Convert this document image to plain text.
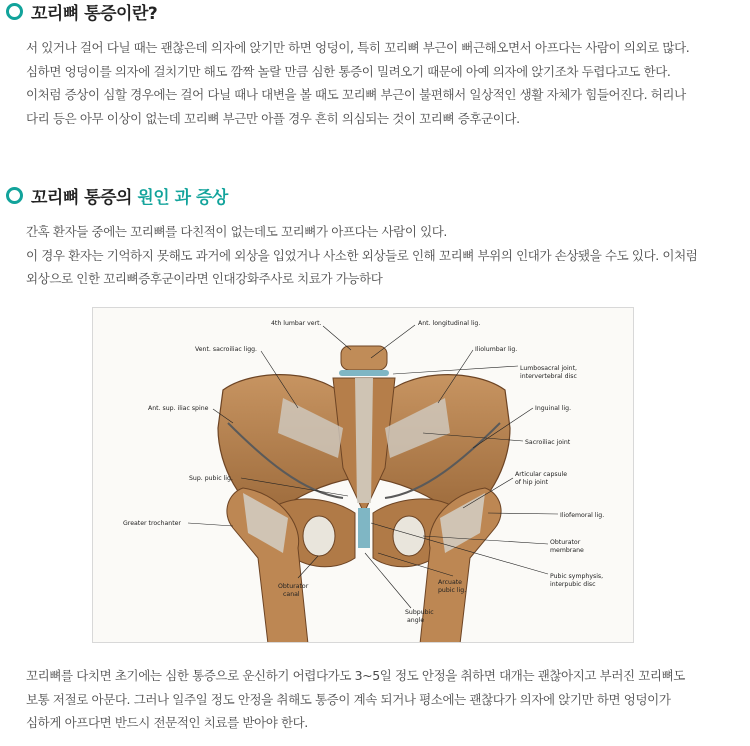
꼬리뼈 통증이란?

서 있거나 걸어 다닐 때는 괜찮은데 의자에 앉기만 하면 엉덩이, 특히 꼬리뼈 부근이 뻐근해오면서 아프다는 사람이 의외로 많다.

심하면 엉덩이를 의자에 걸치기만 해도 깜짝 놀랄 만큼 심한 통증이 밀려오기 때문에 아예 의자에 앉기조차 두렵다고도 한다.

이처럼 증상이 심할 경우에는 걸어 다닐 때나 대변을 볼 때도 꼬리뼈 부근이 불편해서 일상적인 생활 자체가 힘들어진다. 허리나

다리 등은 아무 이상이 없는데 꼬리뼈 부근만 아플 경우 흔히 의심되는 것이 꼬리뼈 증후군이다.

꼬리뼈 통증의 원인 과 증상

간혹 환자들 중에는 꼬리뼈를 다친적이 없는데도 꼬리뼈가 아프다는 사람이 있다.

이 경우 환자는 기억하지 못해도 과거에 외상을 입었거나 사소한 외상들로 인해 꼬리뼈 부위의 인대가 손상됐을 수도 있다. 이처럼

외상으로 인한 꼬리뼈증후군이라면 인대강화주사로 치료가 가능하다

4th lumbar vert.	Ant. longitudinal lig.
Vent. sacroiliac ligg.	Iliolumbar lig.
Lumbosacral joint,
intervertebral disc
Ant. sup. iliac spine	Inguinal lig.
Sacroiliac joint
Sup. pubic lig.
Articular capsule
of hip joint
Greater trochanter
Iliofemoral lig.
Obturator
membrane
Obturator
canal
Arcuate
pubic lig.
Pubic symphysis,
interpubic disc
Subpubic
angle

꼬리뼈를 다치면 초기에는 심한 통증으로 운신하기 어렵다가도 3~5일 정도 안정을 취하면 대개는 괜찮아지고 부러진 꼬리뼈도

보통 저절로 아문다. 그러나 일주일 정도 안정을 취해도 통증이 계속 되거나 평소에는 괜찮다가 의자에 앉기만 하면 엉덩이가

심하게 아프다면 반드시 전문적인 치료를 받아야 한다.
